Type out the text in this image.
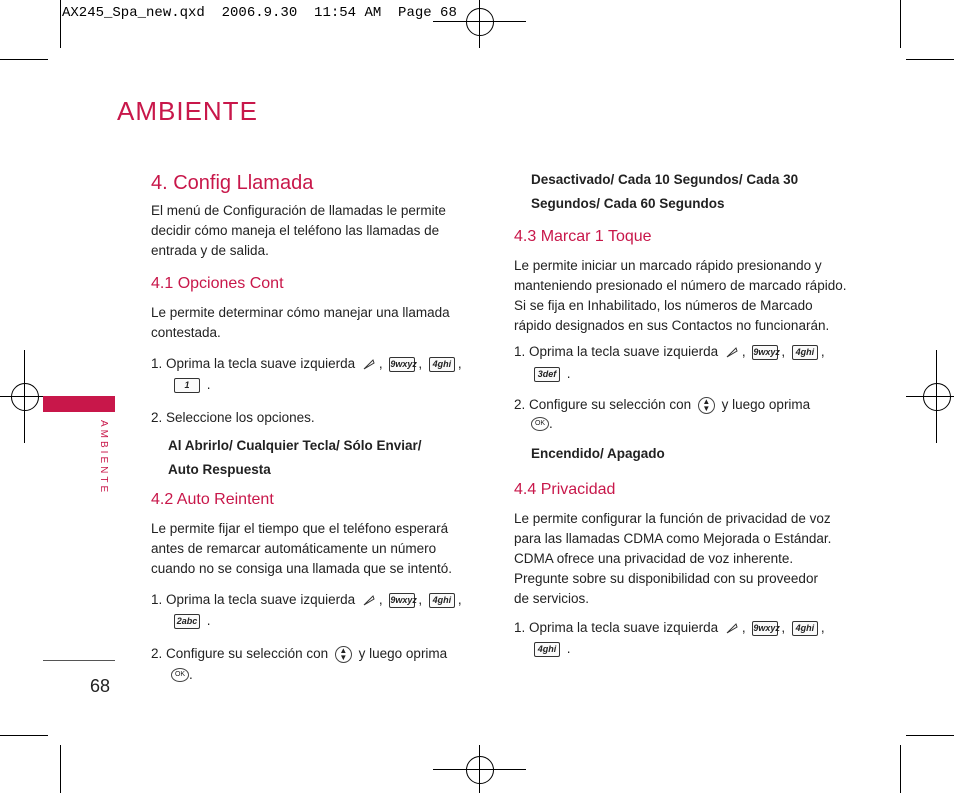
AX245_Spa_new.qxd  2006.9.30  11:54 AM  Page 68
AMBIENTE
AMBIENTE
68
4. Config Llamada
El menú de Configuración de llamadas le permite
decidir cómo maneja el teléfono las llamadas de
entrada y de salida.
4.1 Opciones Cont
Le permite determinar cómo manejar una llamada
contestada.
1. Oprima la tecla suave izquierda , 9wxyz, 4ghi ,
1 .
2. Seleccione los opciones.
Al Abrirlo/ Cualquier Tecla/ Sólo Enviar/
Auto Respuesta
4.2 Auto Reintent
Le permite fijar el tiempo que el teléfono esperará
antes de remarcar automáticamente un número
cuando no se consiga una llamada que se intentó.
1. Oprima la tecla suave izquierda , 9wxyz, 4ghi ,
2abc .
2. Configure su selección con ▲
▼ y luego oprima
OK .
Desactivado/ Cada 10 Segundos/ Cada 30
Segundos/ Cada 60 Segundos
4.3 Marcar 1 Toque
Le permite iniciar un marcado rápido presionando y
manteniendo presionado el número de marcado rápido.
Si se fija en Inhabilitado, los números de Marcado
rápido designados en sus Contactos no funcionarán.
1. Oprima la tecla suave izquierda , 9wxyz, 4ghi ,
3def .
2. Configure su selección con ▲
▼ y luego oprima
OK .
Encendido/ Apagado
4.4 Privacidad
Le permite configurar la función de privacidad de voz
para las llamadas CDMA como Mejorada o Estándar.
CDMA ofrece una privacidad de voz inherente.
Pregunte sobre su disponibilidad con su proveedor
de servicios.
1. Oprima la tecla suave izquierda , 9wxyz, 4ghi ,
4ghi .
